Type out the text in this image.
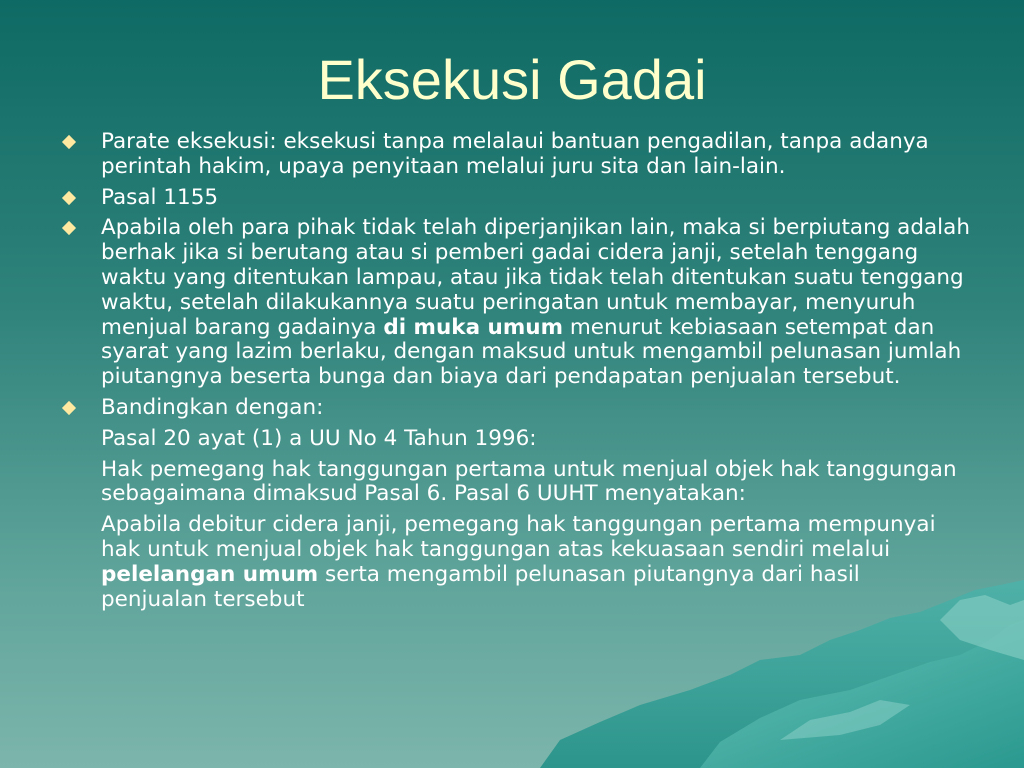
Eksekusi Gadai
Parate eksekusi: eksekusi tanpa melalaui bantuan pengadilan, tanpa adanya perintah hakim, upaya penyitaan melalui juru sita dan lain-lain.
Pasal 1155
Apabila oleh para pihak tidak telah diperjanjikan lain, maka si berpiutang adalah berhak jika si berutang atau si pemberi gadai cidera janji, setelah tenggang waktu yang ditentukan lampau, atau jika tidak telah ditentukan suatu tenggang waktu, setelah dilakukannya suatu peringatan untuk membayar, menyuruh menjual barang gadainya di muka umum menurut kebiasaan setempat dan syarat yang lazim berlaku, dengan maksud untuk mengambil pelunasan jumlah piutangnya beserta bunga dan biaya dari pendapatan penjualan tersebut.
Bandingkan dengan:
Pasal 20 ayat (1) a UU No 4 Tahun 1996:
Hak pemegang hak tanggungan pertama untuk menjual objek hak tanggungan sebagaimana dimaksud Pasal 6. Pasal 6 UUHT menyatakan:
Apabila debitur cidera janji, pemegang hak tanggungan pertama mempunyai hak untuk menjual objek hak tanggungan atas kekuasaan sendiri melalui pelelangan umum serta mengambil pelunasan piutangnya dari hasil penjualan tersebut
